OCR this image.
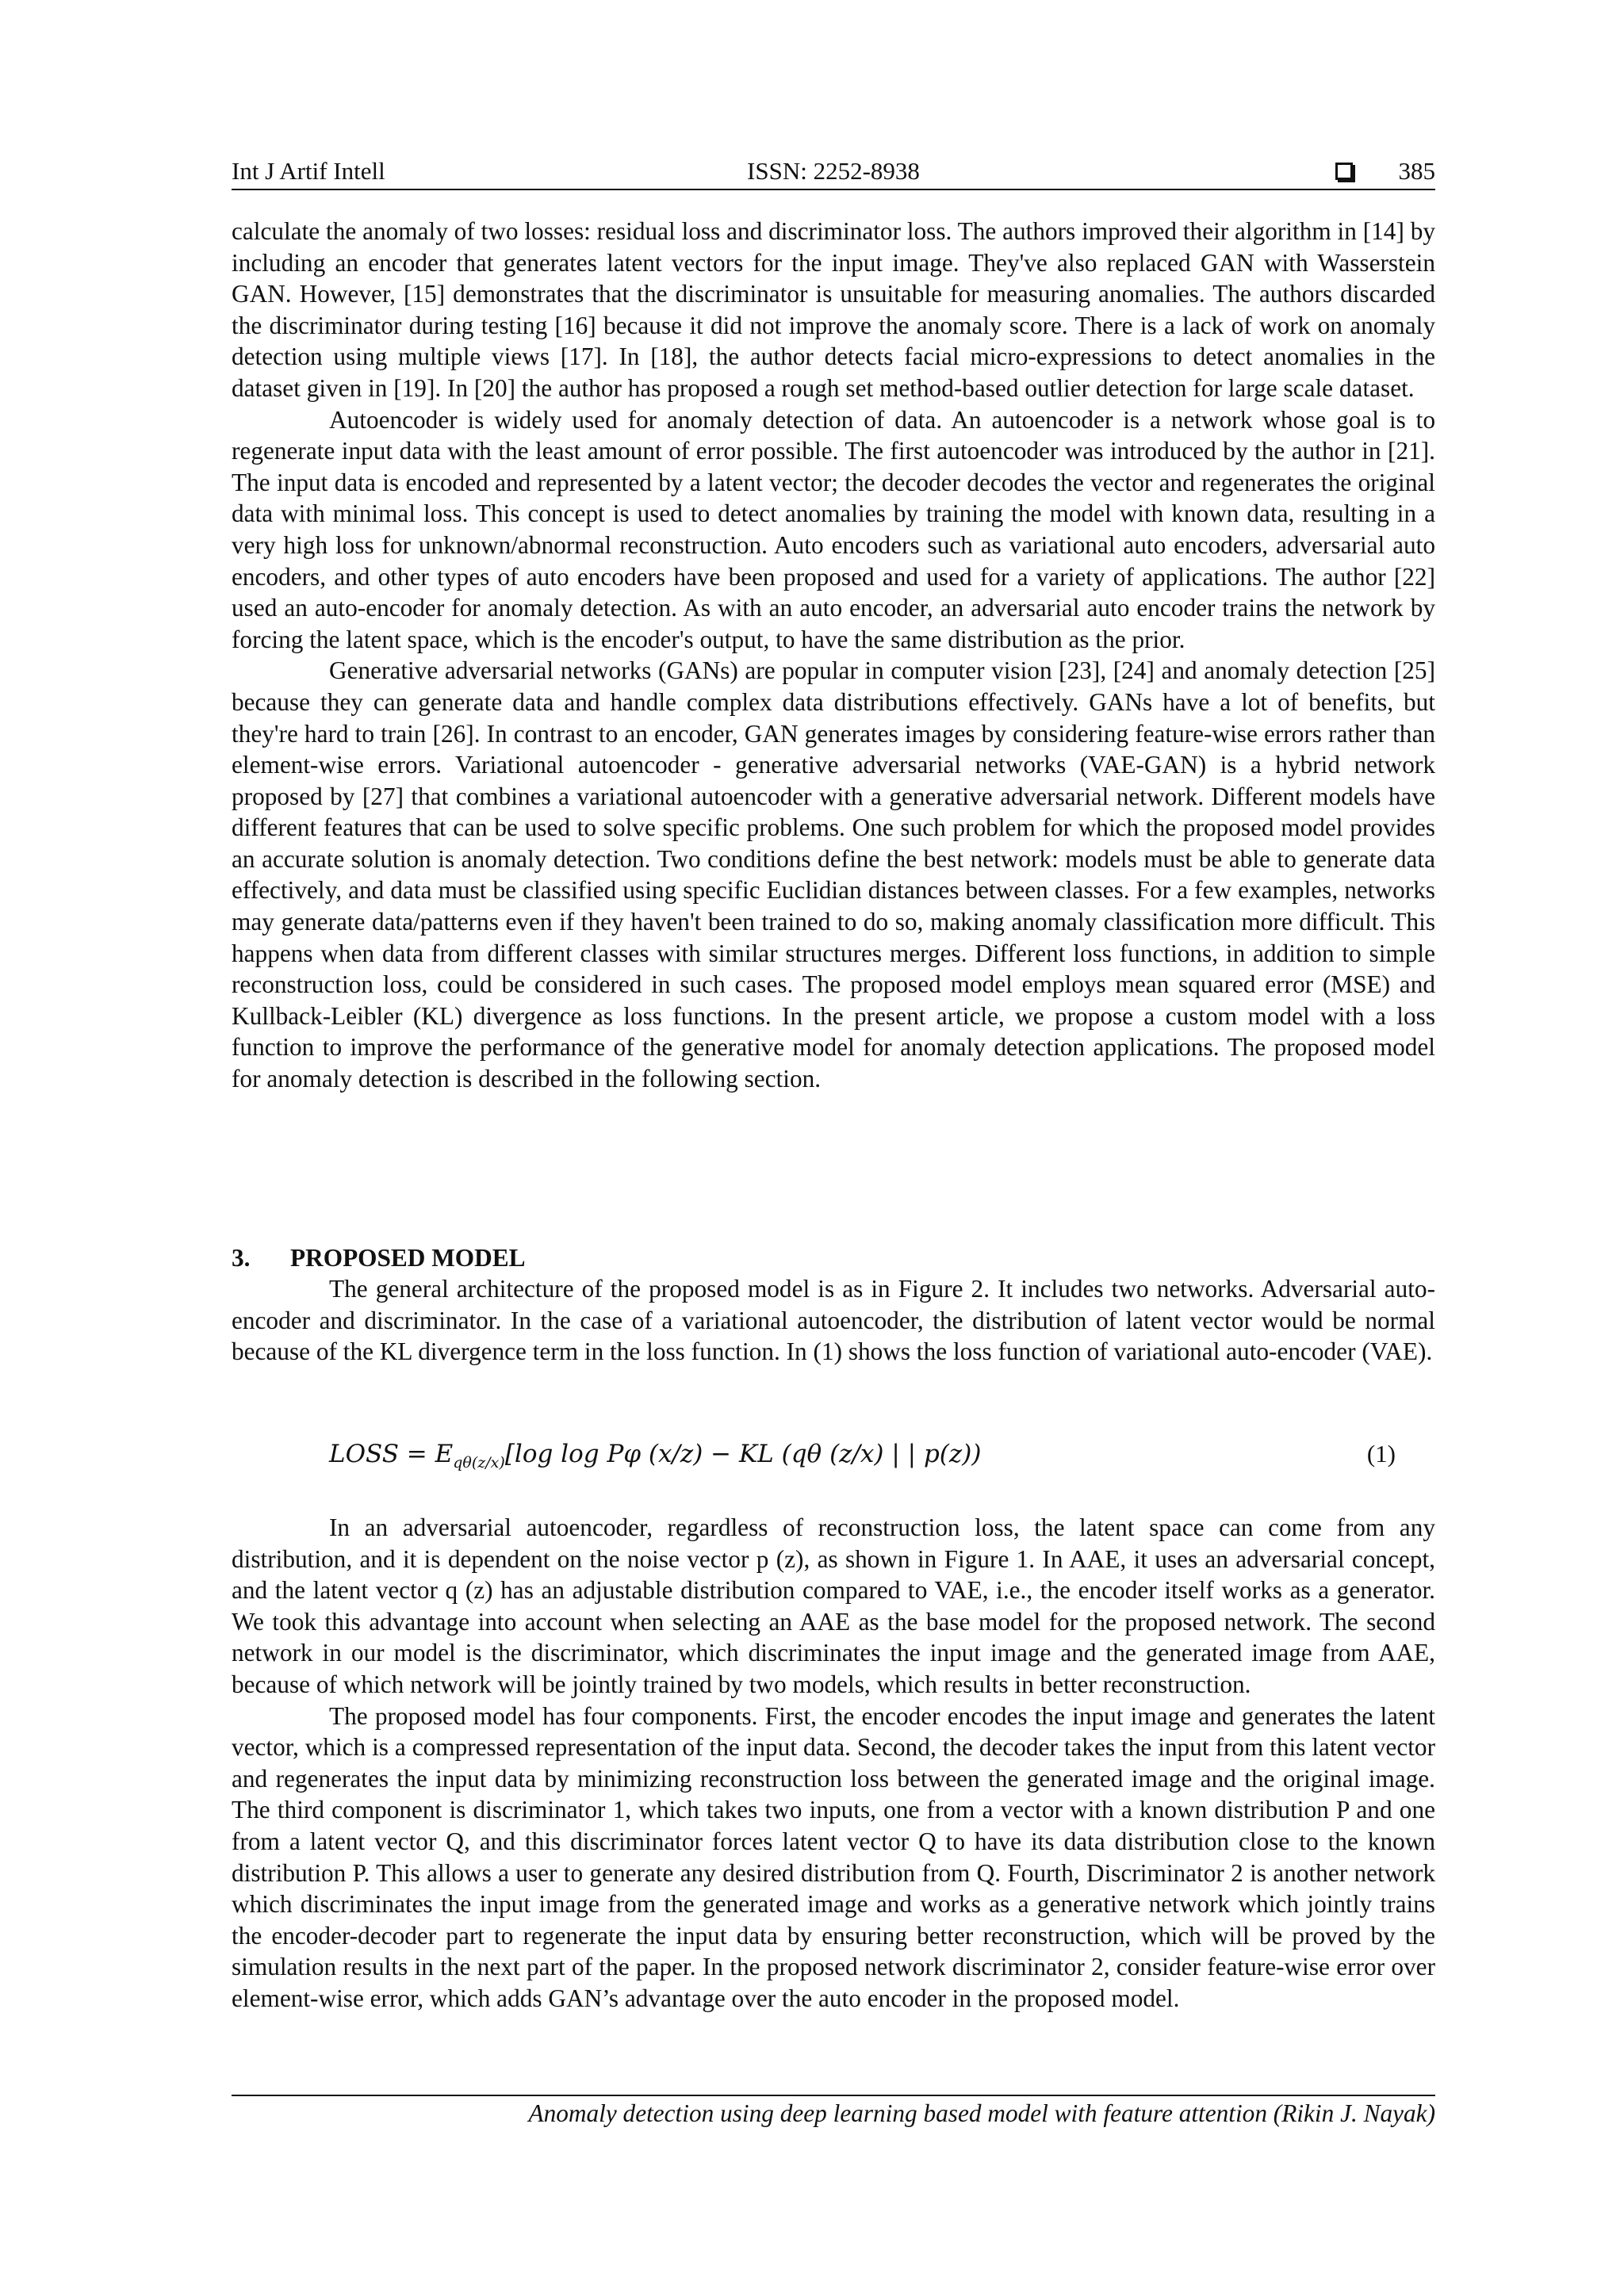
Int J Artif Intell	ISSN: 2252-8938	385

calculate the anomaly of two losses: residual loss and discriminator loss. The authors improved their algorithm in [14] by including an encoder that generates latent vectors for the input image. They've also replaced GAN with Wasserstein GAN. However, [15] demonstrates that the discriminator is unsuitable for measuring anomalies. The authors discarded the discriminator during testing [16] because it did not improve the anomaly score. There is a lack of work on anomaly detection using multiple views [17]. In [18], the author detects facial micro-expressions to detect anomalies in the dataset given in [19]. In [20] the author has proposed a rough set method-based outlier detection for large scale dataset.

Autoencoder is widely used for anomaly detection of data. An autoencoder is a network whose goal is to regenerate input data with the least amount of error possible. The first autoencoder was introduced by the author in [21]. The input data is encoded and represented by a latent vector; the decoder decodes the vector and regenerates the original data with minimal loss. This concept is used to detect anomalies by training the model with known data, resulting in a very high loss for unknown/abnormal reconstruction. Auto encoders such as variational auto encoders, adversarial auto encoders, and other types of auto encoders have been proposed and used for a variety of applications. The author [22] used an auto-encoder for anomaly detection. As with an auto encoder, an adversarial auto encoder trains the network by forcing the latent space, which is the encoder's output, to have the same distribution as the prior.

Generative adversarial networks (GANs) are popular in computer vision [23], [24] and anomaly detection [25] because they can generate data and handle complex data distributions effectively. GANs have a lot of benefits, but they're hard to train [26]. In contrast to an encoder, GAN generates images by considering feature-wise errors rather than element-wise errors. Variational autoencoder - generative adversarial networks (VAE-GAN) is a hybrid network proposed by [27] that combines a variational autoencoder with a generative adversarial network. Different models have different features that can be used to solve specific problems. One such problem for which the proposed model provides an accurate solution is anomaly detection. Two conditions define the best network: models must be able to generate data effectively, and data must be classified using specific Euclidian distances between classes. For a few examples, networks may generate data/patterns even if they haven't been trained to do so, making anomaly classification more difficult. This happens when data from different classes with similar structures merges. Different loss functions, in addition to simple reconstruction loss, could be considered in such cases. The proposed model employs mean squared error (MSE) and Kullback-Leibler (KL) divergence as loss functions. In the present article, we propose a custom model with a loss function to improve the performance of the generative model for anomaly detection applications. The proposed model for anomaly detection is described in the following section.

3. PROPOSED MODEL

The general architecture of the proposed model is as in Figure 2. It includes two networks. Adversarial auto-encoder and discriminator. In the case of a variational autoencoder, the distribution of latent vector would be normal because of the KL divergence term in the loss function. In (1) shows the loss function of variational auto-encoder (VAE).

LOSS = $E_{q\theta(z/x)}[\log$ log Pφ (x/z) − KL (qθ (z/x) | | p(z))	(1)

In an adversarial autoencoder, regardless of reconstruction loss, the latent space can come from any distribution, and it is dependent on the noise vector p (z), as shown in Figure 1. In AAE, it uses an adversarial concept, and the latent vector q (z) has an adjustable distribution compared to VAE, i.e., the encoder itself works as a generator. We took this advantage into account when selecting an AAE as the base model for the proposed network. The second network in our model is the discriminator, which discriminates the input image and the generated image from AAE, because of which network will be jointly trained by two models, which results in better reconstruction.

The proposed model has four components. First, the encoder encodes the input image and generates the latent vector, which is a compressed representation of the input data. Second, the decoder takes the input from this latent vector and regenerates the input data by minimizing reconstruction loss between the generated image and the original image. The third component is discriminator 1, which takes two inputs, one from a vector with a known distribution P and one from a latent vector Q, and this discriminator forces latent vector Q to have its data distribution close to the known distribution P. This allows a user to generate any desired distribution from Q. Fourth, Discriminator 2 is another network which discriminates the input image from the generated image and works as a generative network which jointly trains the encoder-decoder part to regenerate the input data by ensuring better reconstruction, which will be proved by the simulation results in the next part of the paper. In the proposed network discriminator 2, consider feature-wise error over element-wise error, which adds GAN’s advantage over the auto encoder in the proposed model.

Anomaly detection using deep learning based model with feature attention (Rikin J. Nayak)
